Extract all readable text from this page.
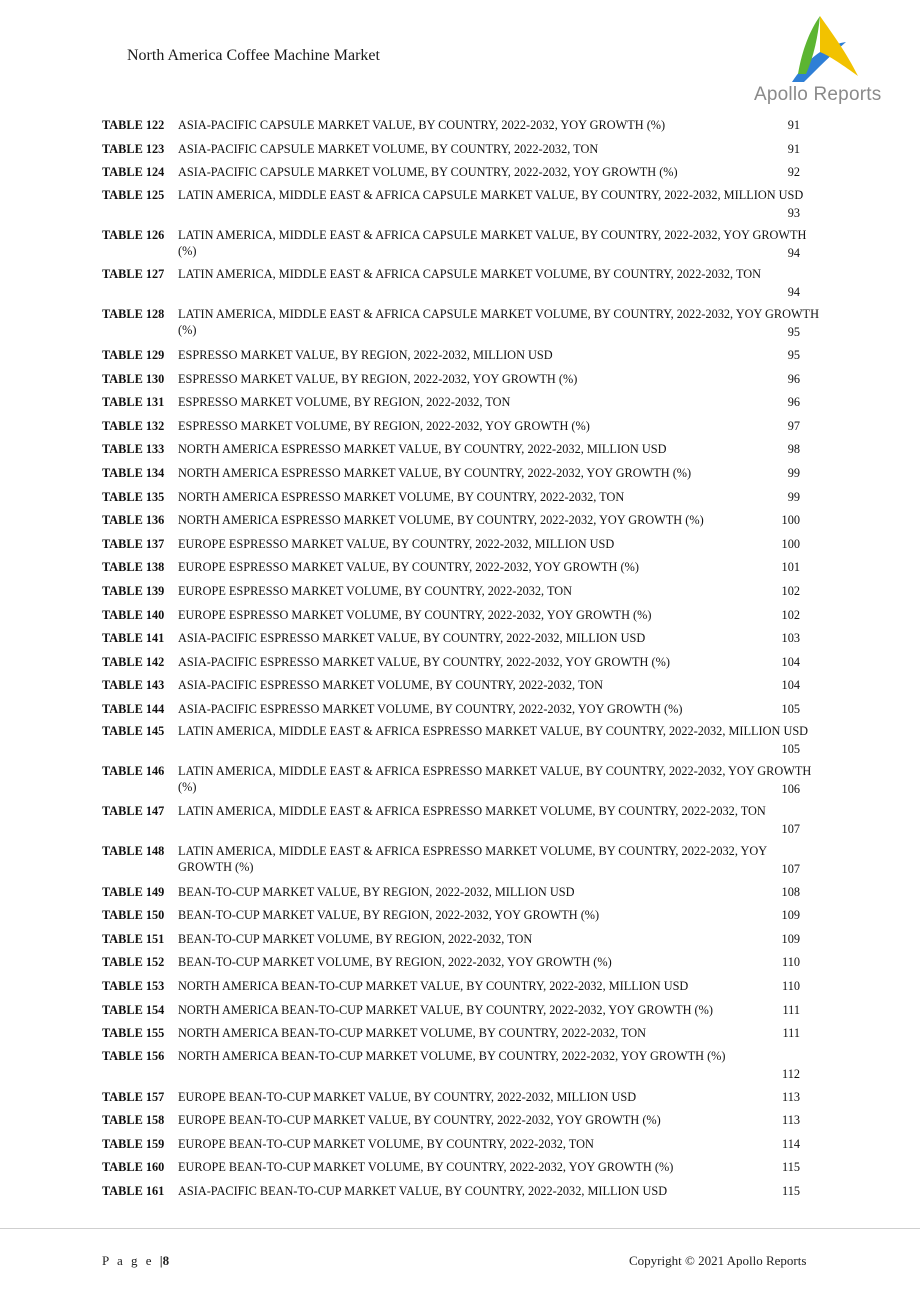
North America Coffee Machine Market
Apollo Reports
TABLE 122 ASIA-PACIFIC CAPSULE MARKET VALUE, BY COUNTRY, 2022-2032, YOY GROWTH (%)	91
TABLE 123 ASIA-PACIFIC CAPSULE MARKET VOLUME, BY COUNTRY, 2022-2032, TON	91
TABLE 124 ASIA-PACIFIC CAPSULE MARKET VOLUME, BY COUNTRY, 2022-2032, YOY GROWTH (%)	92
TABLE 125 LATIN AMERICA, MIDDLE EAST & AFRICA CAPSULE MARKET VALUE, BY COUNTRY, 2022-2032, MILLION USD
93
TABLE 126 LATIN AMERICA, MIDDLE EAST & AFRICA CAPSULE MARKET VALUE, BY COUNTRY, 2022-2032, YOY GROWTH (%)	94
TABLE 127 LATIN AMERICA, MIDDLE EAST & AFRICA CAPSULE MARKET VOLUME, BY COUNTRY, 2022-2032, TON
94
TABLE 128 LATIN AMERICA, MIDDLE EAST & AFRICA CAPSULE MARKET VOLUME, BY COUNTRY, 2022-2032, YOY GROWTH (%)	95
TABLE 129 ESPRESSO MARKET VALUE, BY REGION, 2022-2032, MILLION USD	95
TABLE 130 ESPRESSO MARKET VALUE, BY REGION, 2022-2032, YOY GROWTH (%)	96
TABLE 131 ESPRESSO MARKET VOLUME, BY REGION, 2022-2032, TON	96
TABLE 132 ESPRESSO MARKET VOLUME, BY REGION, 2022-2032, YOY GROWTH (%)	97
TABLE 133 NORTH AMERICA ESPRESSO MARKET VALUE, BY COUNTRY, 2022-2032, MILLION USD	98
TABLE 134 NORTH AMERICA ESPRESSO MARKET VALUE, BY COUNTRY, 2022-2032, YOY GROWTH (%)	99
TABLE 135 NORTH AMERICA ESPRESSO MARKET VOLUME, BY COUNTRY, 2022-2032, TON	99
TABLE 136 NORTH AMERICA ESPRESSO MARKET VOLUME, BY COUNTRY, 2022-2032, YOY GROWTH (%)	100
TABLE 137 EUROPE ESPRESSO MARKET VALUE, BY COUNTRY, 2022-2032, MILLION USD	100
TABLE 138 EUROPE ESPRESSO MARKET VALUE, BY COUNTRY, 2022-2032, YOY GROWTH (%)	101
TABLE 139 EUROPE ESPRESSO MARKET VOLUME, BY COUNTRY, 2022-2032, TON	102
TABLE 140 EUROPE ESPRESSO MARKET VOLUME, BY COUNTRY, 2022-2032, YOY GROWTH (%)	102
TABLE 141 ASIA-PACIFIC ESPRESSO MARKET VALUE, BY COUNTRY, 2022-2032, MILLION USD	103
TABLE 142 ASIA-PACIFIC ESPRESSO MARKET VALUE, BY COUNTRY, 2022-2032, YOY GROWTH (%)	104
TABLE 143 ASIA-PACIFIC ESPRESSO MARKET VOLUME, BY COUNTRY, 2022-2032, TON	104
TABLE 144 ASIA-PACIFIC ESPRESSO MARKET VOLUME, BY COUNTRY, 2022-2032, YOY GROWTH (%)	105
TABLE 145 LATIN AMERICA, MIDDLE EAST & AFRICA ESPRESSO MARKET VALUE, BY COUNTRY, 2022-2032, MILLION USD
105
TABLE 146 LATIN AMERICA, MIDDLE EAST & AFRICA ESPRESSO MARKET VALUE, BY COUNTRY, 2022-2032, YOY GROWTH (%)	106
TABLE 147 LATIN AMERICA, MIDDLE EAST & AFRICA ESPRESSO MARKET VOLUME, BY COUNTRY, 2022-2032, TON
107
TABLE 148 LATIN AMERICA, MIDDLE EAST & AFRICA ESPRESSO MARKET VOLUME, BY COUNTRY, 2022-2032, YOY GROWTH (%)	107
TABLE 149 BEAN-TO-CUP MARKET VALUE, BY REGION, 2022-2032, MILLION USD	108
TABLE 150 BEAN-TO-CUP MARKET VALUE, BY REGION, 2022-2032, YOY GROWTH (%)	109
TABLE 151 BEAN-TO-CUP MARKET VOLUME, BY REGION, 2022-2032, TON	109
TABLE 152 BEAN-TO-CUP MARKET VOLUME, BY REGION, 2022-2032, YOY GROWTH (%)	110
TABLE 153 NORTH AMERICA BEAN-TO-CUP MARKET VALUE, BY COUNTRY, 2022-2032, MILLION USD	110
TABLE 154 NORTH AMERICA BEAN-TO-CUP MARKET VALUE, BY COUNTRY, 2022-2032, YOY GROWTH (%)	111
TABLE 155 NORTH AMERICA BEAN-TO-CUP MARKET VOLUME, BY COUNTRY, 2022-2032, TON	111
TABLE 156 NORTH AMERICA BEAN-TO-CUP MARKET VOLUME, BY COUNTRY, 2022-2032, YOY GROWTH (%)
112
TABLE 157 EUROPE BEAN-TO-CUP MARKET VALUE, BY COUNTRY, 2022-2032, MILLION USD	113
TABLE 158 EUROPE BEAN-TO-CUP MARKET VALUE, BY COUNTRY, 2022-2032, YOY GROWTH (%)	113
TABLE 159 EUROPE BEAN-TO-CUP MARKET VOLUME, BY COUNTRY, 2022-2032, TON	114
TABLE 160 EUROPE BEAN-TO-CUP MARKET VOLUME, BY COUNTRY, 2022-2032, YOY GROWTH (%)	115
TABLE 161 ASIA-PACIFIC BEAN-TO-CUP MARKET VALUE, BY COUNTRY, 2022-2032, MILLION USD	115
P a g e |8	Copyright © 2021 Apollo Reports
